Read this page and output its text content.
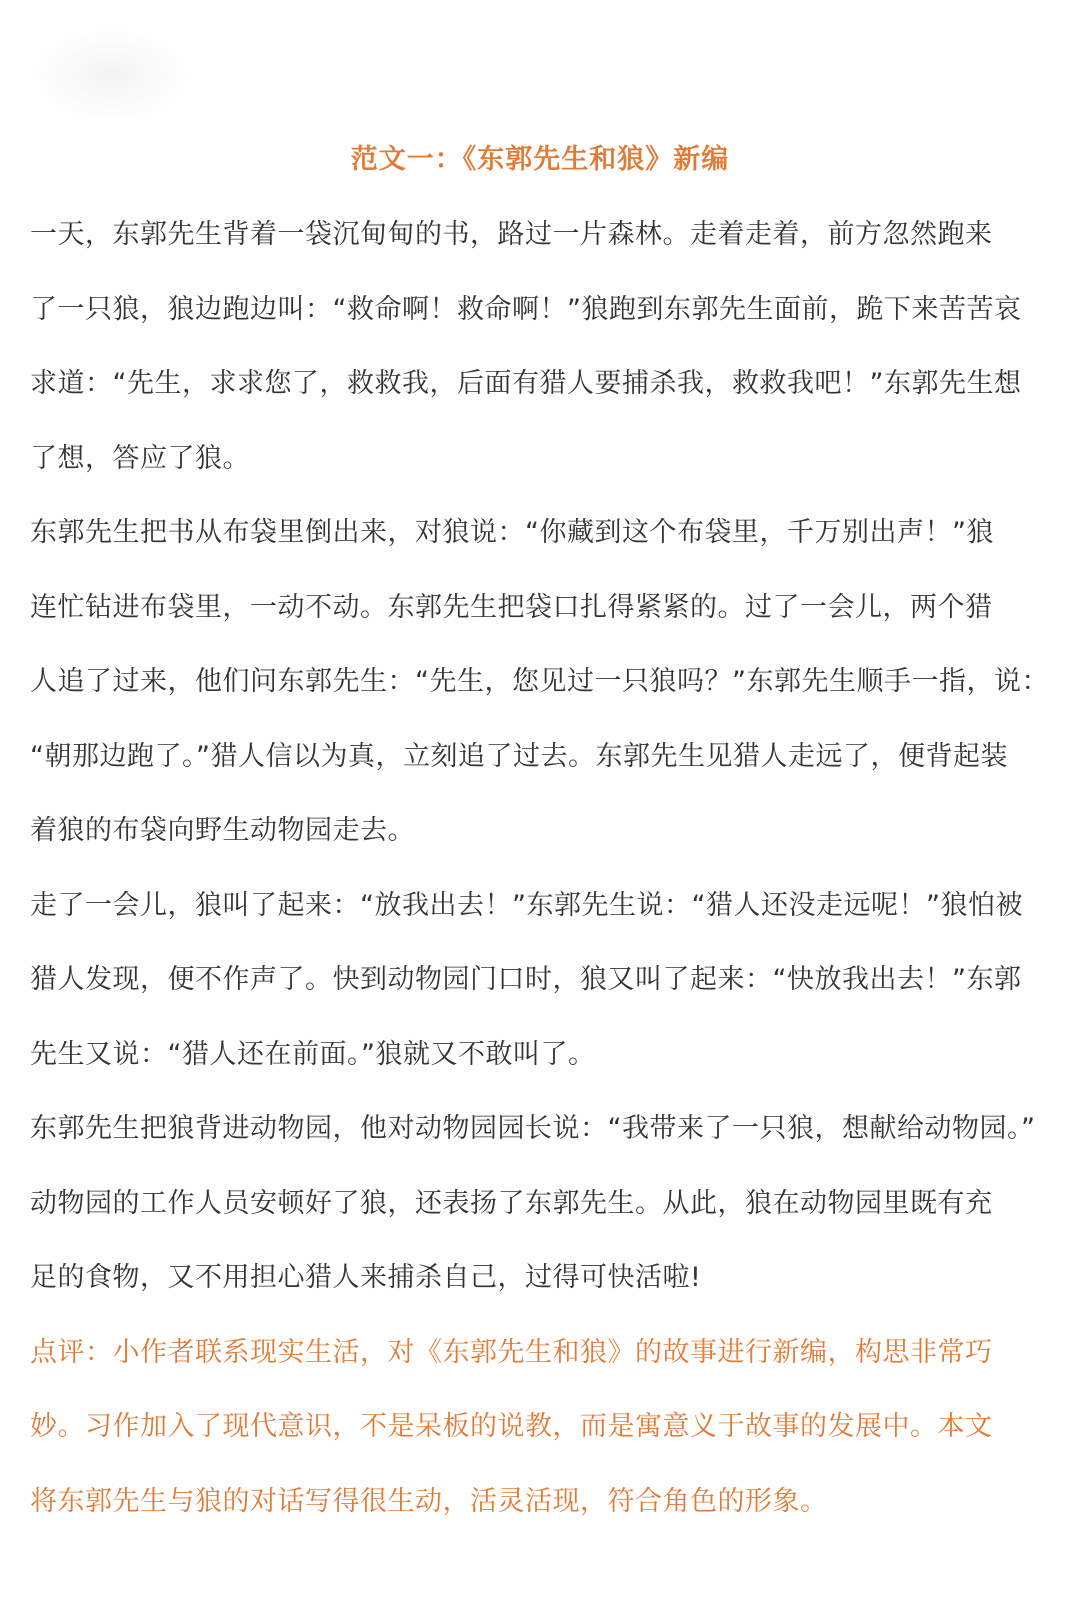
范文一：《东郭先生和狼》新编
一天，东郭先生背着一袋沉甸甸的书，路过一片森林。走着走着，前方忽然跑来
了一只狼，狼边跑边叫：“救命啊！救命啊！”狼跑到东郭先生面前，跪下来苦苦哀
求道：“先生，求求您了，救救我，后面有猎人要捕杀我，救救我吧！”东郭先生想
了想，答应了狼。
东郭先生把书从布袋里倒出来，对狼说：“你藏到这个布袋里，千万别出声！”狼
连忙钻进布袋里，一动不动。东郭先生把袋口扎得紧紧的。过了一会儿，两个猎
人追了过来，他们问东郭先生：“先生，您见过一只狼吗？”东郭先生顺手一指，说：
“朝那边跑了。”猎人信以为真，立刻追了过去。东郭先生见猎人走远了，便背起装
着狼的布袋向野生动物园走去。
走了一会儿，狼叫了起来：“放我出去！”东郭先生说：“猎人还没走远呢！”狼怕被
猎人发现，便不作声了。快到动物园门口时，狼又叫了起来：“快放我出去！”东郭
先生又说：“猎人还在前面。”狼就又不敢叫了。
东郭先生把狼背进动物园，他对动物园园长说：“我带来了一只狼，想献给动物园。”
动物园的工作人员安顿好了狼，还表扬了东郭先生。从此，狼在动物园里既有充
足的食物，又不用担心猎人来捕杀自己，过得可快活啦!
点评：小作者联系现实生活，对《东郭先生和狼》的故事进行新编，构思非常巧
妙。习作加入了现代意识，不是呆板的说教，而是寓意义于故事的发展中。本文
将东郭先生与狼的对话写得很生动，活灵活现，符合角色的形象。
